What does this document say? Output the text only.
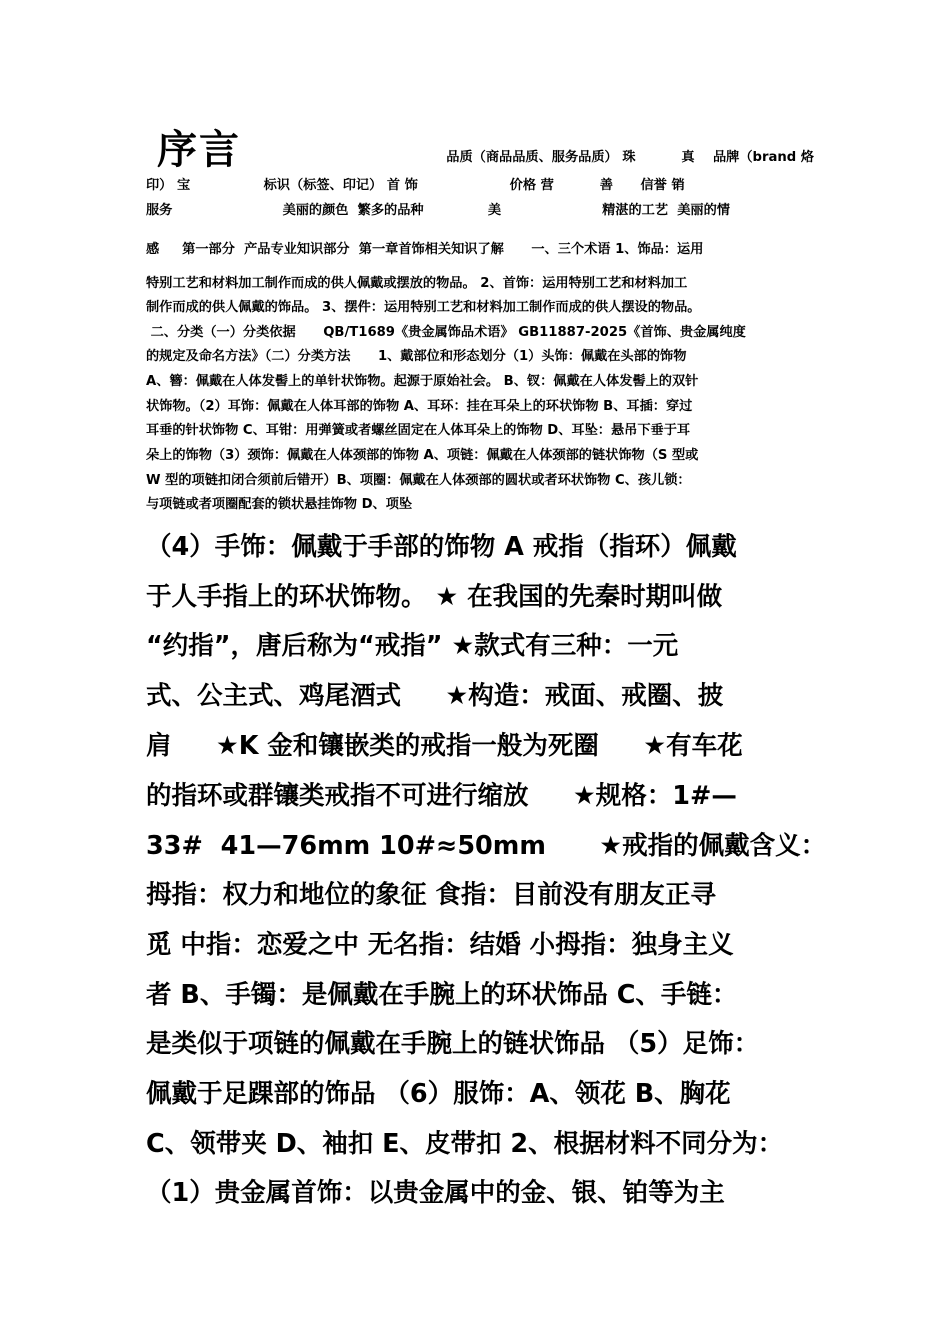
序言	品质（商品品质、服务品质） 珠          真    品牌（brand 烙
印） 宝                标识（标签、印记） 首 饰                    价格 营          善      信誉 销
服务                        美丽的颜色  繁多的品种              美                      精湛的工艺  美丽的情
感     第一部分  产品专业知识部分  第一章首饰相关知识了解      一、三个术语 1、饰品：运用
特别工艺和材料加工制作而成的供人佩戴或摆放的物品。 2、首饰：运用特别工艺和材料加工
制作而成的供人佩戴的饰品。 3、摆件：运用特别工艺和材料加工制作而成的供人摆设的物品。
二、分类（一）分类依据      QB/T1689《贵金属饰品术语》 GB11887-2025《首饰、贵金属纯度
的规定及命名方法》（二）分类方法      1、戴部位和形态划分（1）头饰：佩戴在头部的饰物
A、簪：佩戴在人体发髻上的单针状饰物。起源于原始社会。 B、钗：佩戴在人体发髻上的双针
状饰物。（2）耳饰：佩戴在人体耳部的饰物 A、耳环：挂在耳朵上的环状饰物 B、耳插：穿过
耳垂的针状饰物 C、耳钳：用弹簧或者螺丝固定在人体耳朵上的饰物 D、耳坠：悬吊下垂于耳
朵上的饰物（3）颈饰：佩戴在人体颈部的饰物 A、项链：佩戴在人体颈部的链状饰物（S 型或
W 型的项链扣闭合须前后错开）B、项圈：佩戴在人体颈部的圆状或者环状饰物 C、孩儿锁：
与项链或者项圈配套的锁状悬挂饰物 D、项坠
（4）手饰：佩戴于手部的饰物 A 戒指（指环）佩戴
于人手指上的环状饰物。 ★ 在我国的先秦时期叫做
“约指”，唐后称为“戒指” ★款式有三种：一元
式、公主式、鸡尾酒式     ★构造：戒面、戒圈、披
肩     ★K 金和镶嵌类的戒指一般为死圈     ★有车花
的指环或群镶类戒指不可进行缩放     ★规格：1#—
33#  41—76mm 10#≈50mm      ★戒指的佩戴含义：
拇指：权力和地位的象征 食指：目前没有朋友正寻
觅 中指：恋爱之中 无名指：结婚 小拇指：独身主义
者 B、手镯：是佩戴在手腕上的环状饰品 C、手链：
是类似于项链的佩戴在手腕上的链状饰品 （5）足饰：
佩戴于足踝部的饰品 （6）服饰：A、领花 B、胸花
C、领带夹 D、袖扣 E、皮带扣 2、根据材料不同分为：
（1）贵金属首饰：以贵金属中的金、银、铂等为主
